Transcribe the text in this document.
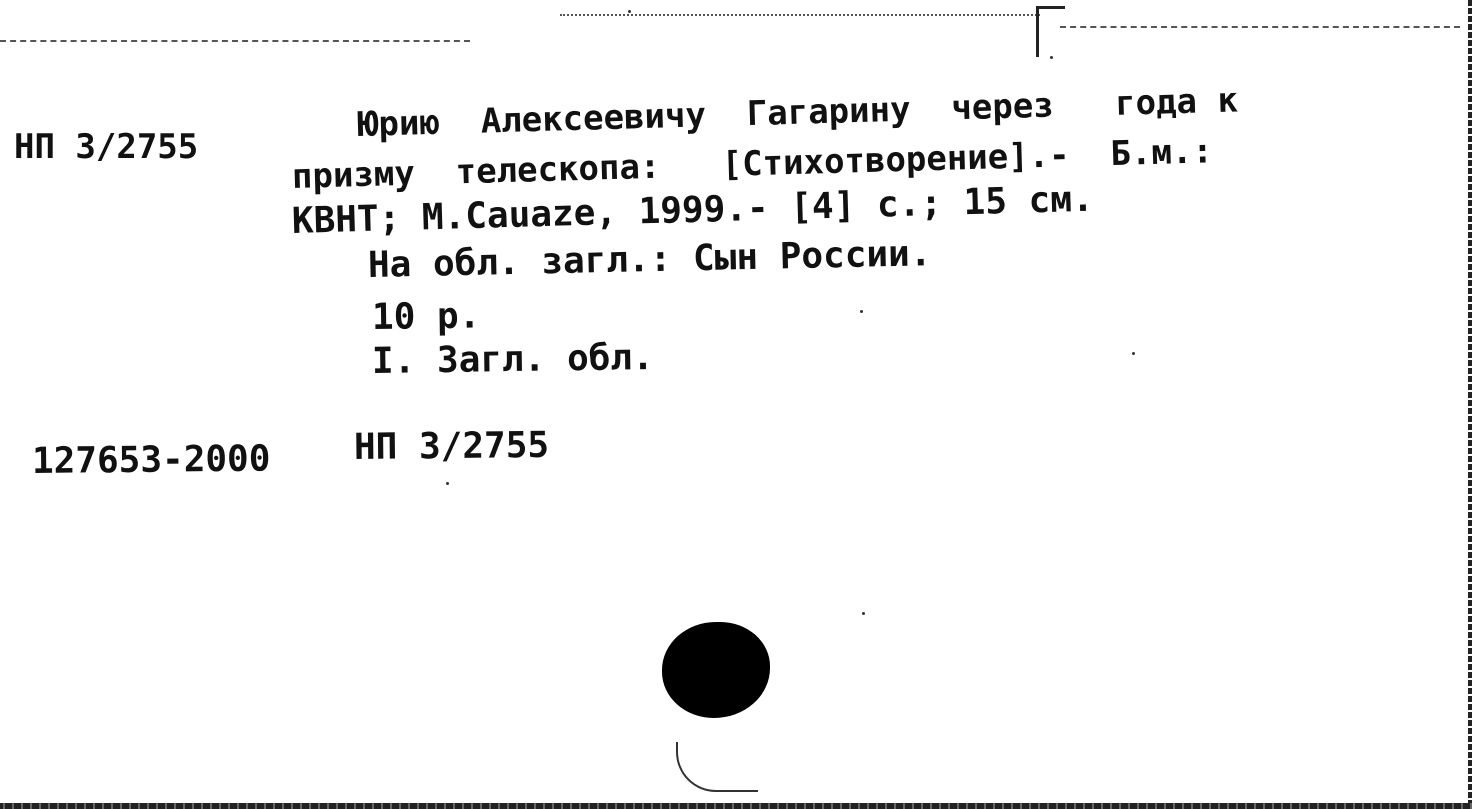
НП 3/2755
Юрию  Алексеевичу  Гагарину  через   года к
призму  телескопа:   [Стихотворение].-  Б.м.:
КВНТ; М.Cauaze, 1999.- [4] с.; 15 см.
На обл. загл.: Сын России.
10 р.
I. Загл. обл.
127653-2000 НП 3/2755
